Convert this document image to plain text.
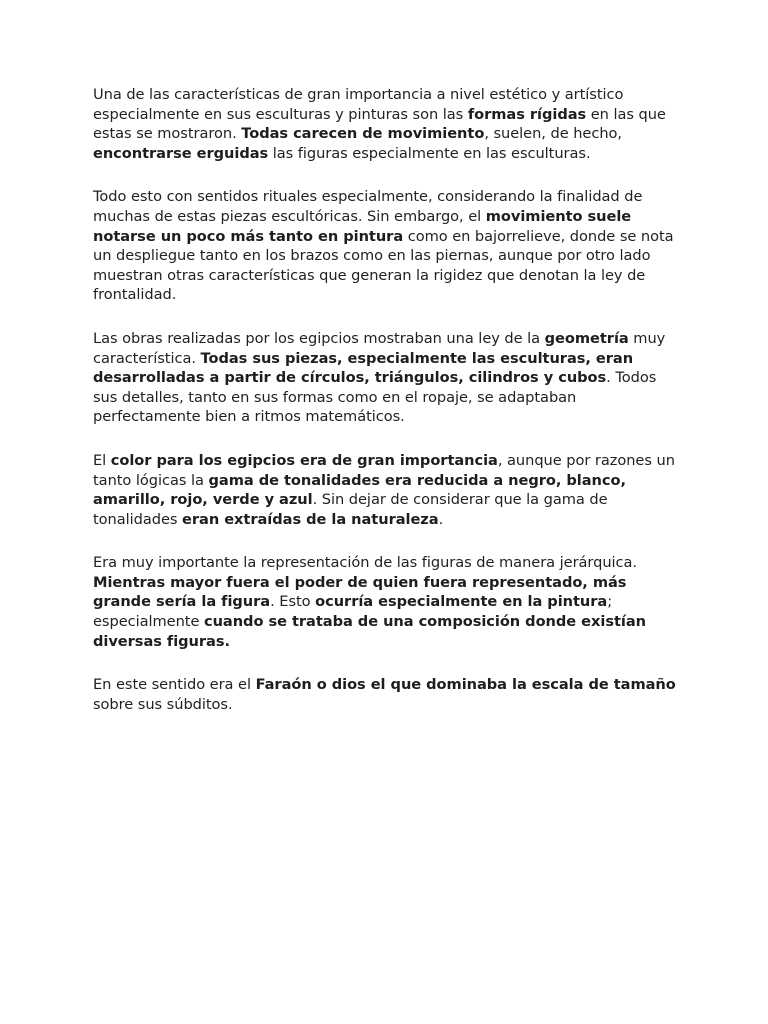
Una de las características de gran importancia a nivel estético y artístico especialmente en sus esculturas y pinturas son las formas rígidas en las que estas se mostraron. Todas carecen de movimiento, suelen, de hecho, encontrarse erguidas las figuras especialmente en las esculturas.

Todo esto con sentidos rituales especialmente, considerando la finalidad de muchas de estas piezas escultóricas. Sin embargo, el movimiento suele notarse un poco más tanto en pintura como en bajorrelieve, donde se nota un despliegue tanto en los brazos como en las piernas, aunque por otro lado muestran otras características que generan la rigidez que denotan la ley de frontalidad.

Las obras realizadas por los egipcios mostraban una ley de la geometría muy característica. Todas sus piezas, especialmente las esculturas, eran desarrolladas a partir de círculos, triángulos, cilindros y cubos. Todos sus detalles, tanto en sus formas como en el ropaje, se adaptaban perfectamente bien a ritmos matemáticos.

El color para los egipcios era de gran importancia, aunque por razones un tanto lógicas la gama de tonalidades era reducida a negro, blanco, amarillo, rojo, verde y azul. Sin dejar de considerar que la gama de tonalidades eran extraídas de la naturaleza.

Era muy importante la representación de las figuras de manera jerárquica. Mientras mayor fuera el poder de quien fuera representado, más grande sería la figura. Esto ocurría especialmente en la pintura; especialmente cuando se trataba de una composición donde existían diversas figuras.

En este sentido era el Faraón o dios el que dominaba la escala de tamaño sobre sus súbditos.
